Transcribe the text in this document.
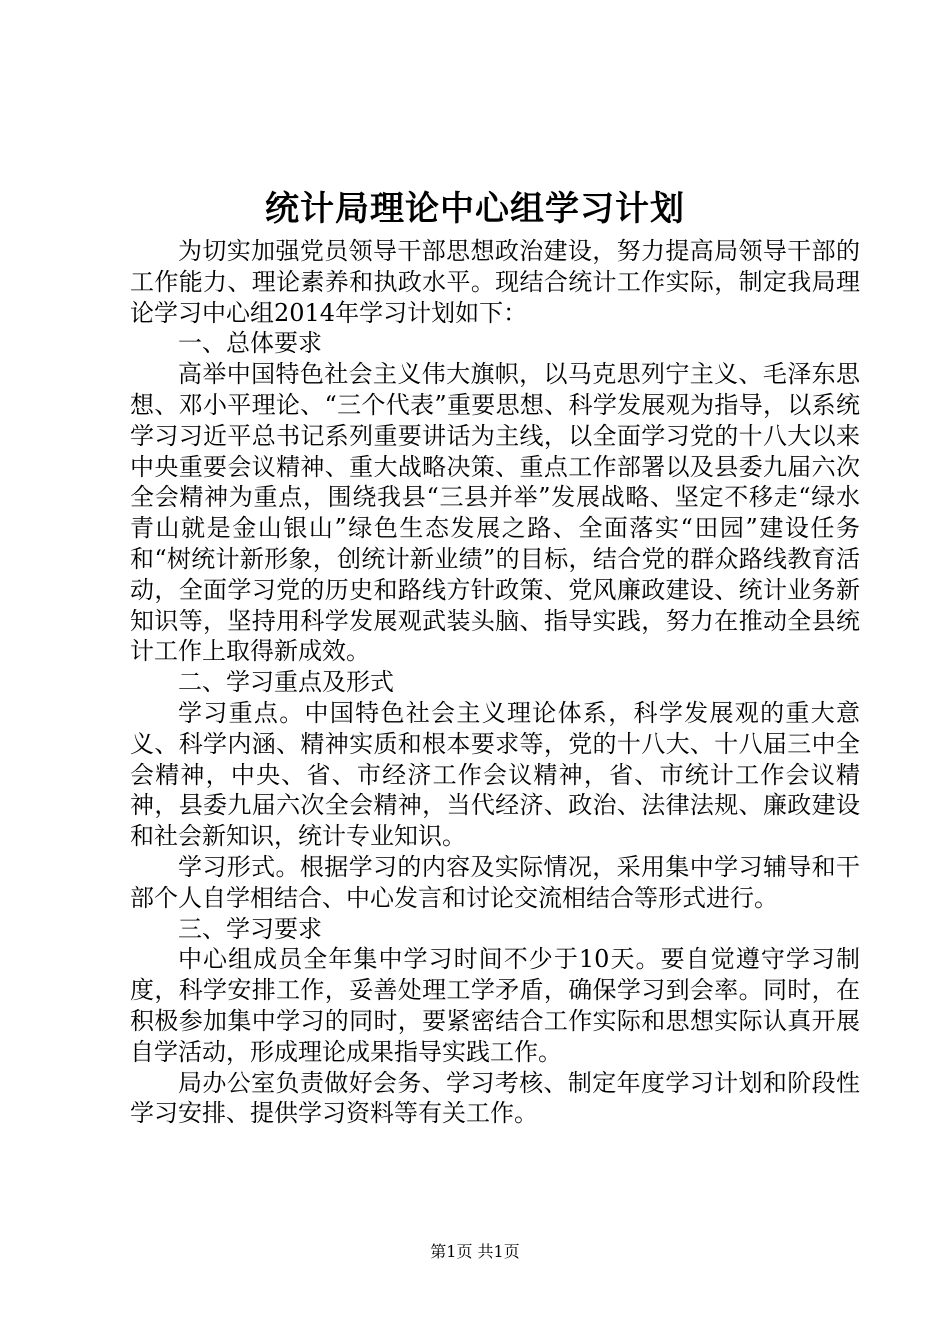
统计局理论中心组学习计划

为切实加强党员领导干部思想政治建设，努力提高局领导干部的工作能力、理论素养和执政水平。现结合统计工作实际，制定我局理论学习中心组2014年学习计划如下：

一、总体要求

高举中国特色社会主义伟大旗帜，以马克思列宁主义、毛泽东思想、邓小平理论、“三个代表”重要思想、科学发展观为指导，以系统学习习近平总书记系列重要讲话为主线，以全面学习党的十八大以来中央重要会议精神、重大战略决策、重点工作部署以及县委九届六次全会精神为重点，围绕我县“三县并举”发展战略、坚定不移走“绿水青山就是金山银山”绿色生态发展之路、全面落实“田园”建设任务和“树统计新形象，创统计新业绩”的目标，结合党的群众路线教育活动，全面学习党的历史和路线方针政策、党风廉政建设、统计业务新知识等，坚持用科学发展观武装头脑、指导实践，努力在推动全县统计工作上取得新成效。

二、学习重点及形式

学习重点。中国特色社会主义理论体系，科学发展观的重大意义、科学内涵、精神实质和根本要求等，党的十八大、十八届三中全会精神，中央、省、市经济工作会议精神，省、市统计工作会议精神，县委九届六次全会精神，当代经济、政治、法律法规、廉政建设和社会新知识，统计专业知识。

学习形式。根据学习的内容及实际情况，采用集中学习辅导和干部个人自学相结合、中心发言和讨论交流相结合等形式进行。

三、学习要求

中心组成员全年集中学习时间不少于10天。要自觉遵守学习制度，科学安排工作，妥善处理工学矛盾，确保学习到会率。同时，在积极参加集中学习的同时，要紧密结合工作实际和思想实际认真开展自学活动，形成理论成果指导实践工作。

局办公室负责做好会务、学习考核、制定年度学习计划和阶段性学习安排、提供学习资料等有关工作。

第1页 共1页
